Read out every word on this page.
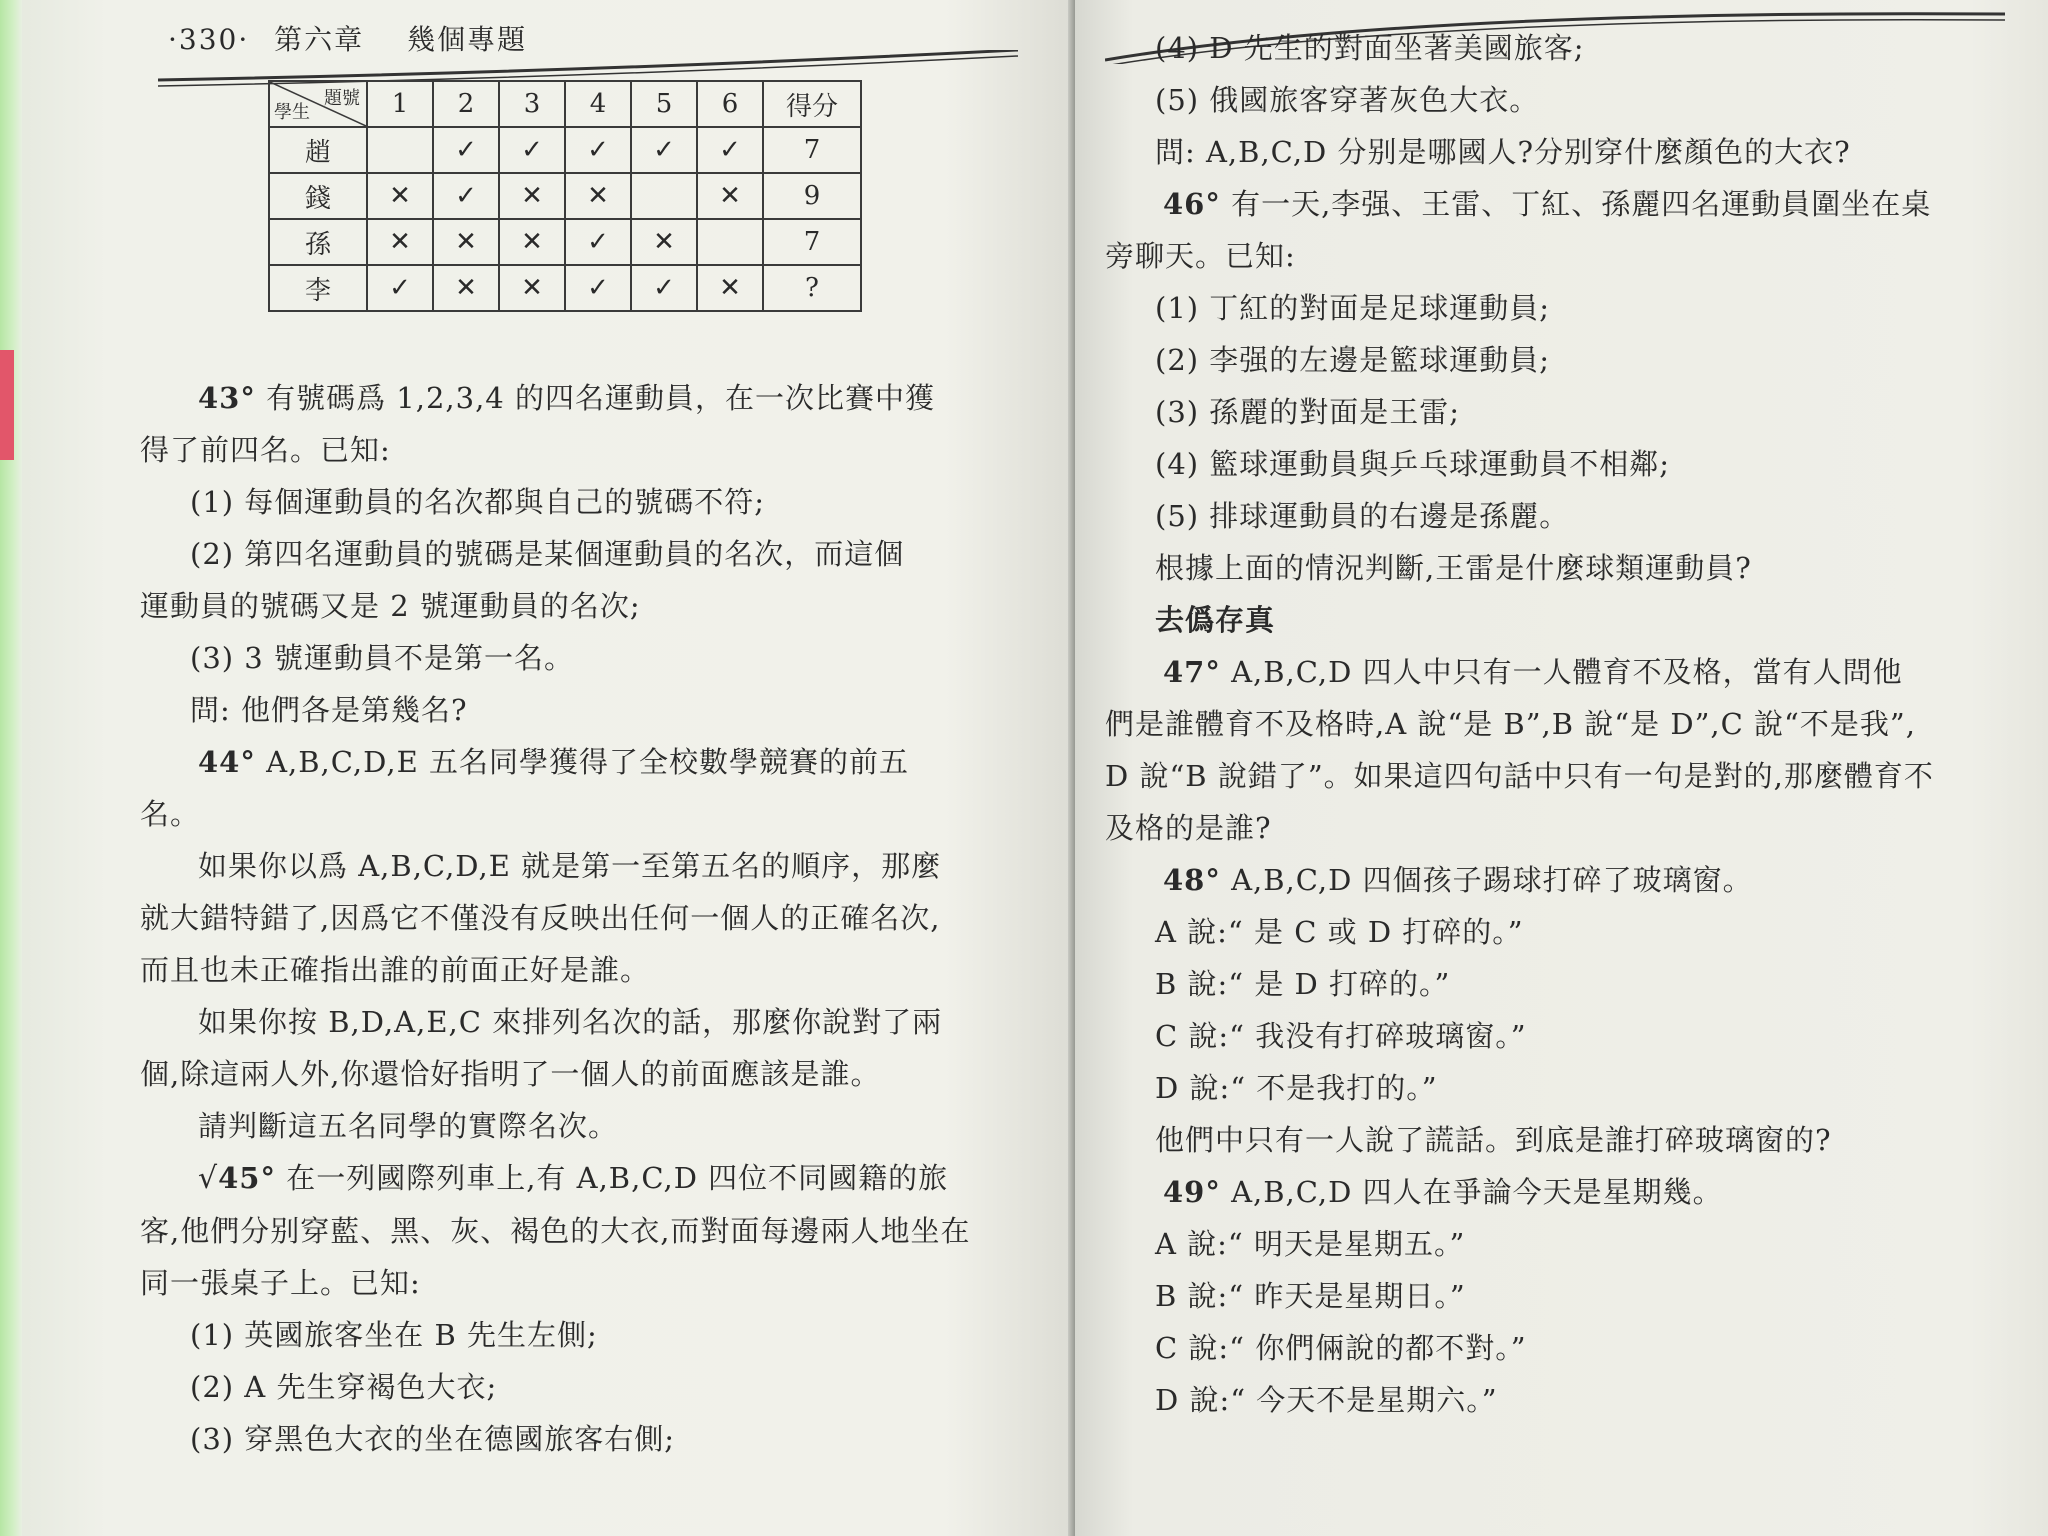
·330· 第六章 幾個專題
題號
學生	1	2	3	4	5	6	得分
趙		✓	✓	✓	✓	✓	7
錢	✕	✓	✕	✕		✕	9
孫	✕	✕	✕	✓	✕		7
李	✓	✕	✕	✓	✓	✕	?

43° 有號碼爲 1,2,3,4 的四名運動員，在一次比賽中獲

得了前四名。已知:

(1) 每個運動員的名次都與自己的號碼不符;

(2) 第四名運動員的號碼是某個運動員的名次，而這個

運動員的號碼又是 2 號運動員的名次;

(3) 3 號運動員不是第一名。

問: 他們各是第幾名?

44° A,B,C,D,E 五名同學獲得了全校數學競賽的前五

名。

如果你以爲 A,B,C,D,E 就是第一至第五名的順序，那麼

就大錯特錯了,因爲它不僅没有反映出任何一個人的正確名次,

而且也未正確指出誰的前面正好是誰。

如果你按 B,D,A,E,C 來排列名次的話，那麼你說對了兩

個,除這兩人外,你還恰好指明了一個人的前面應該是誰。

請判斷這五名同學的實際名次。

√45° 在一列國際列車上,有 A,B,C,D 四位不同國籍的旅

客,他們分别穿藍、黑、灰、褐色的大衣,而對面每邊兩人地坐在

同一張桌子上。已知:

(1) 英國旅客坐在 B 先生左側;

(2) A 先生穿褐色大衣;

(3) 穿黑色大衣的坐在德國旅客右側;

(4) D 先生的對面坐著美國旅客;

(5) 俄國旅客穿著灰色大衣。

問: A,B,C,D 分别是哪國人?分别穿什麼顏色的大衣?

46° 有一天,李强、王雷、丁紅、孫麗四名運動員圍坐在桌

旁聊天。已知:

(1) 丁紅的對面是足球運動員;

(2) 李强的左邊是籃球運動員;

(3) 孫麗的對面是王雷;

(4) 籃球運動員與乒乓球運動員不相鄰;

(5) 排球運動員的右邊是孫麗。

根據上面的情況判斷,王雷是什麼球類運動員?

去僞存真

47° A,B,C,D 四人中只有一人體育不及格，當有人問他

們是誰體育不及格時,A 說“是 B”,B 說“是 D”,C 說“不是我”,

D 說“B 說錯了”。如果這四句話中只有一句是對的,那麼體育不

及格的是誰?

48° A,B,C,D 四個孩子踢球打碎了玻璃窗。

A 說:“ 是 C 或 D 打碎的。”

B 說:“ 是 D 打碎的。”

C 說:“ 我没有打碎玻璃窗。”

D 說:“ 不是我打的。”

他們中只有一人說了謊話。到底是誰打碎玻璃窗的?

49° A,B,C,D 四人在爭論今天是星期幾。

A 說:“ 明天是星期五。”

B 說:“ 昨天是星期日。”

C 說:“ 你們倆說的都不對。”

D 說:“ 今天不是星期六。”
